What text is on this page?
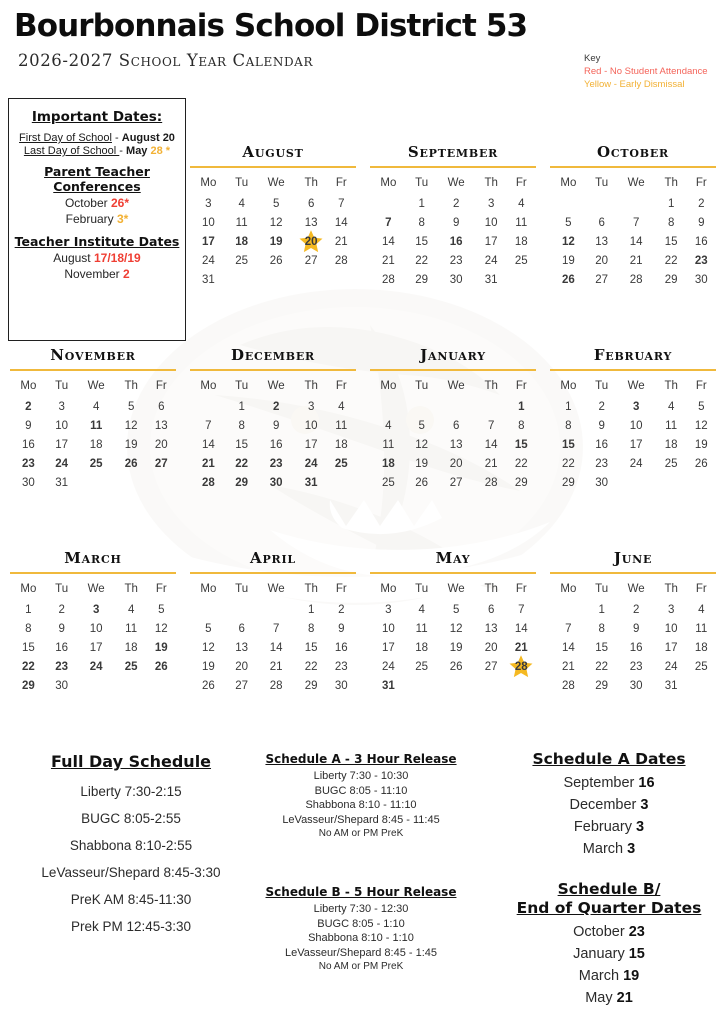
Bourbonnais School District 53
2026-2027 School Year Calendar	Key
Red - No Student Attendance
Yellow - Early Dismissal
Important Dates:
First Day of School - August 20
Last Day of School - May 28 *
Parent Teacher
Conferences
October 26*
February 3*
Teacher Institute Dates
August 17/18/19
November 2
August
Mo	Tu	We	Th	Fr
3	4	5	6	7
10	11	12	13	14
17	18	19	20	21
24	25	26	27	28
31				
September
Mo	Tu	We	Th	Fr
	1	2	3	4
7	8	9	10	11
14	15	16	17	18
21	22	23	24	25
28	29	30	31	
October
Mo	Tu	We	Th	Fr
			1	2
5	6	7	8	9
12	13	14	15	16
19	20	21	22	23
26	27	28	29	30
November
Mo	Tu	We	Th	Fr
2	3	4	5	6
9	10	11	12	13
16	17	18	19	20
23	24	25	26	27
30	31			
December
Mo	Tu	We	Th	Fr
	1	2	3	4
7	8	9	10	11
14	15	16	17	18
21	22	23	24	25
28	29	30	31	
January
Mo	Tu	We	Th	Fr
				1
4	5	6	7	8
11	12	13	14	15
18	19	20	21	22
25	26	27	28	29
February
Mo	Tu	We	Th	Fr
1	2	3	4	5
8	9	10	11	12
15	16	17	18	19
22	23	24	25	26
29	30			
March
Mo	Tu	We	Th	Fr
1	2	3	4	5
8	9	10	11	12
15	16	17	18	19
22	23	24	25	26
29	30			
April
Mo	Tu	We	Th	Fr
			1	2
5	6	7	8	9
12	13	14	15	16
19	20	21	22	23
26	27	28	29	30
May
Mo	Tu	We	Th	Fr
3	4	5	6	7
10	11	12	13	14
17	18	19	20	21
24	25	26	27	28
31				
June
Mo	Tu	We	Th	Fr
	1	2	3	4
7	8	9	10	11
14	15	16	17	18
21	22	23	24	25
28	29	30	31	
Full Day Schedule
Liberty 7:30-2:15
BUGC 8:05-2:55
Shabbona 8:10-2:55
LeVasseur/Shepard 8:45-3:30
PreK AM 8:45-11:30
Prek PM 12:45-3:30
Schedule A - 3 Hour Release
Liberty 7:30 - 10:30
BUGC 8:05 - 11:10
Shabbona 8:10 - 11:10
LeVasseur/Shepard 8:45 - 11:45
No AM or PM PreK
Schedule B - 5 Hour Release
Liberty 7:30 - 12:30
BUGC 8:05 - 1:10
Shabbona 8:10 - 1:10
LeVasseur/Shepard 8:45 - 1:45
No AM or PM PreK
Schedule A Dates
September 16
December 3
February 3
March 3
Schedule B/
End of Quarter Dates
October 23
January 15
March 19
May 21
